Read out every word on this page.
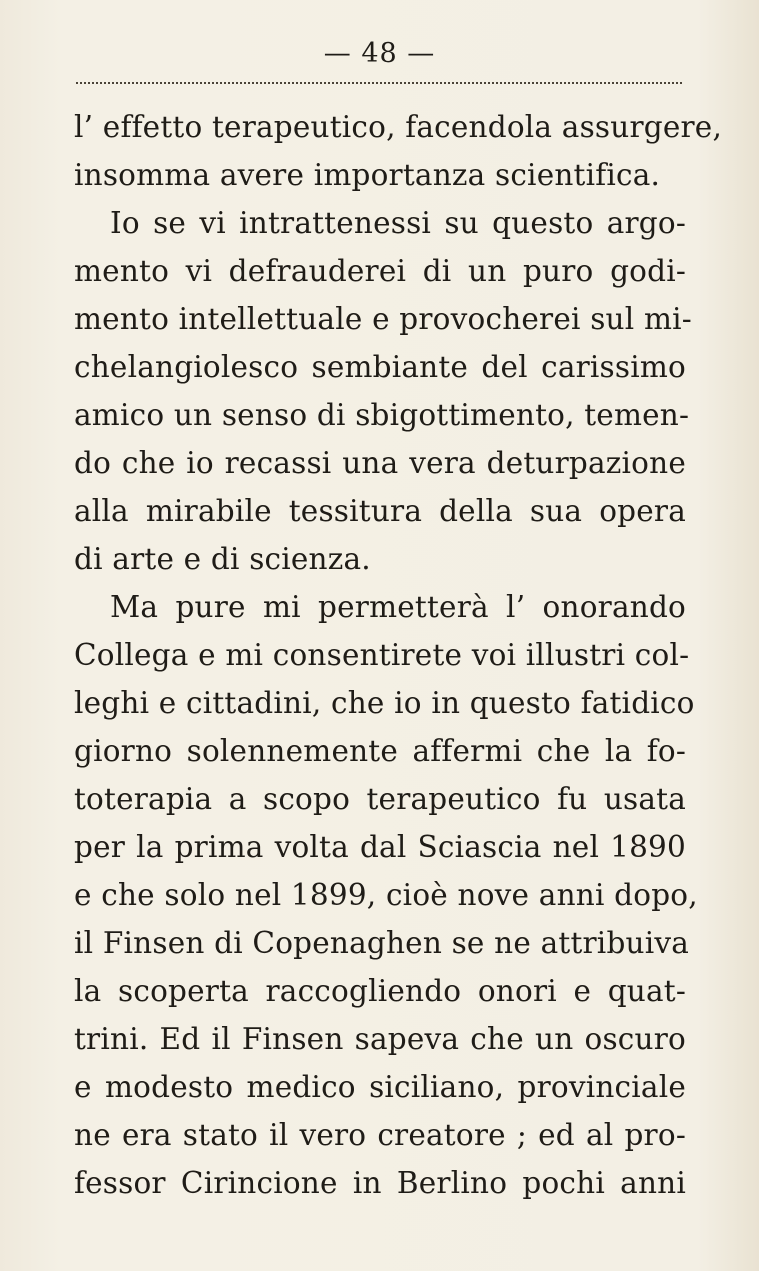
— 48 —
l’ effetto terapeutico, facendola assurgere,
insomma avere importanza scientifica.
Io se vi intrattenessi su questo argo-
mento vi defrauderei di un puro godi-
mento intellettuale e provocherei sul mi-
chelangiolesco sembiante del carissimo
amico un senso di sbigottimento, temen-
do che io recassi una vera deturpazione
alla mirabile tessitura della sua opera
di arte e di scienza.
Ma pure mi permetterà l’ onorando
Collega e mi consentirete voi illustri col-
leghi e cittadini, che io in questo fatidico
giorno solennemente affermi che la fo-
toterapia a scopo terapeutico fu usata
per la prima volta dal Sciascia nel 1890
e che solo nel 1899, cioè nove anni dopo,
il Finsen di Copenaghen se ne attribuiva
la scoperta raccogliendo onori e quat-
trini. Ed il Finsen sapeva che un oscuro
e modesto medico siciliano, provinciale
ne era stato il vero creatore ; ed al pro-
fessor Cirincione in Berlino pochi anni
